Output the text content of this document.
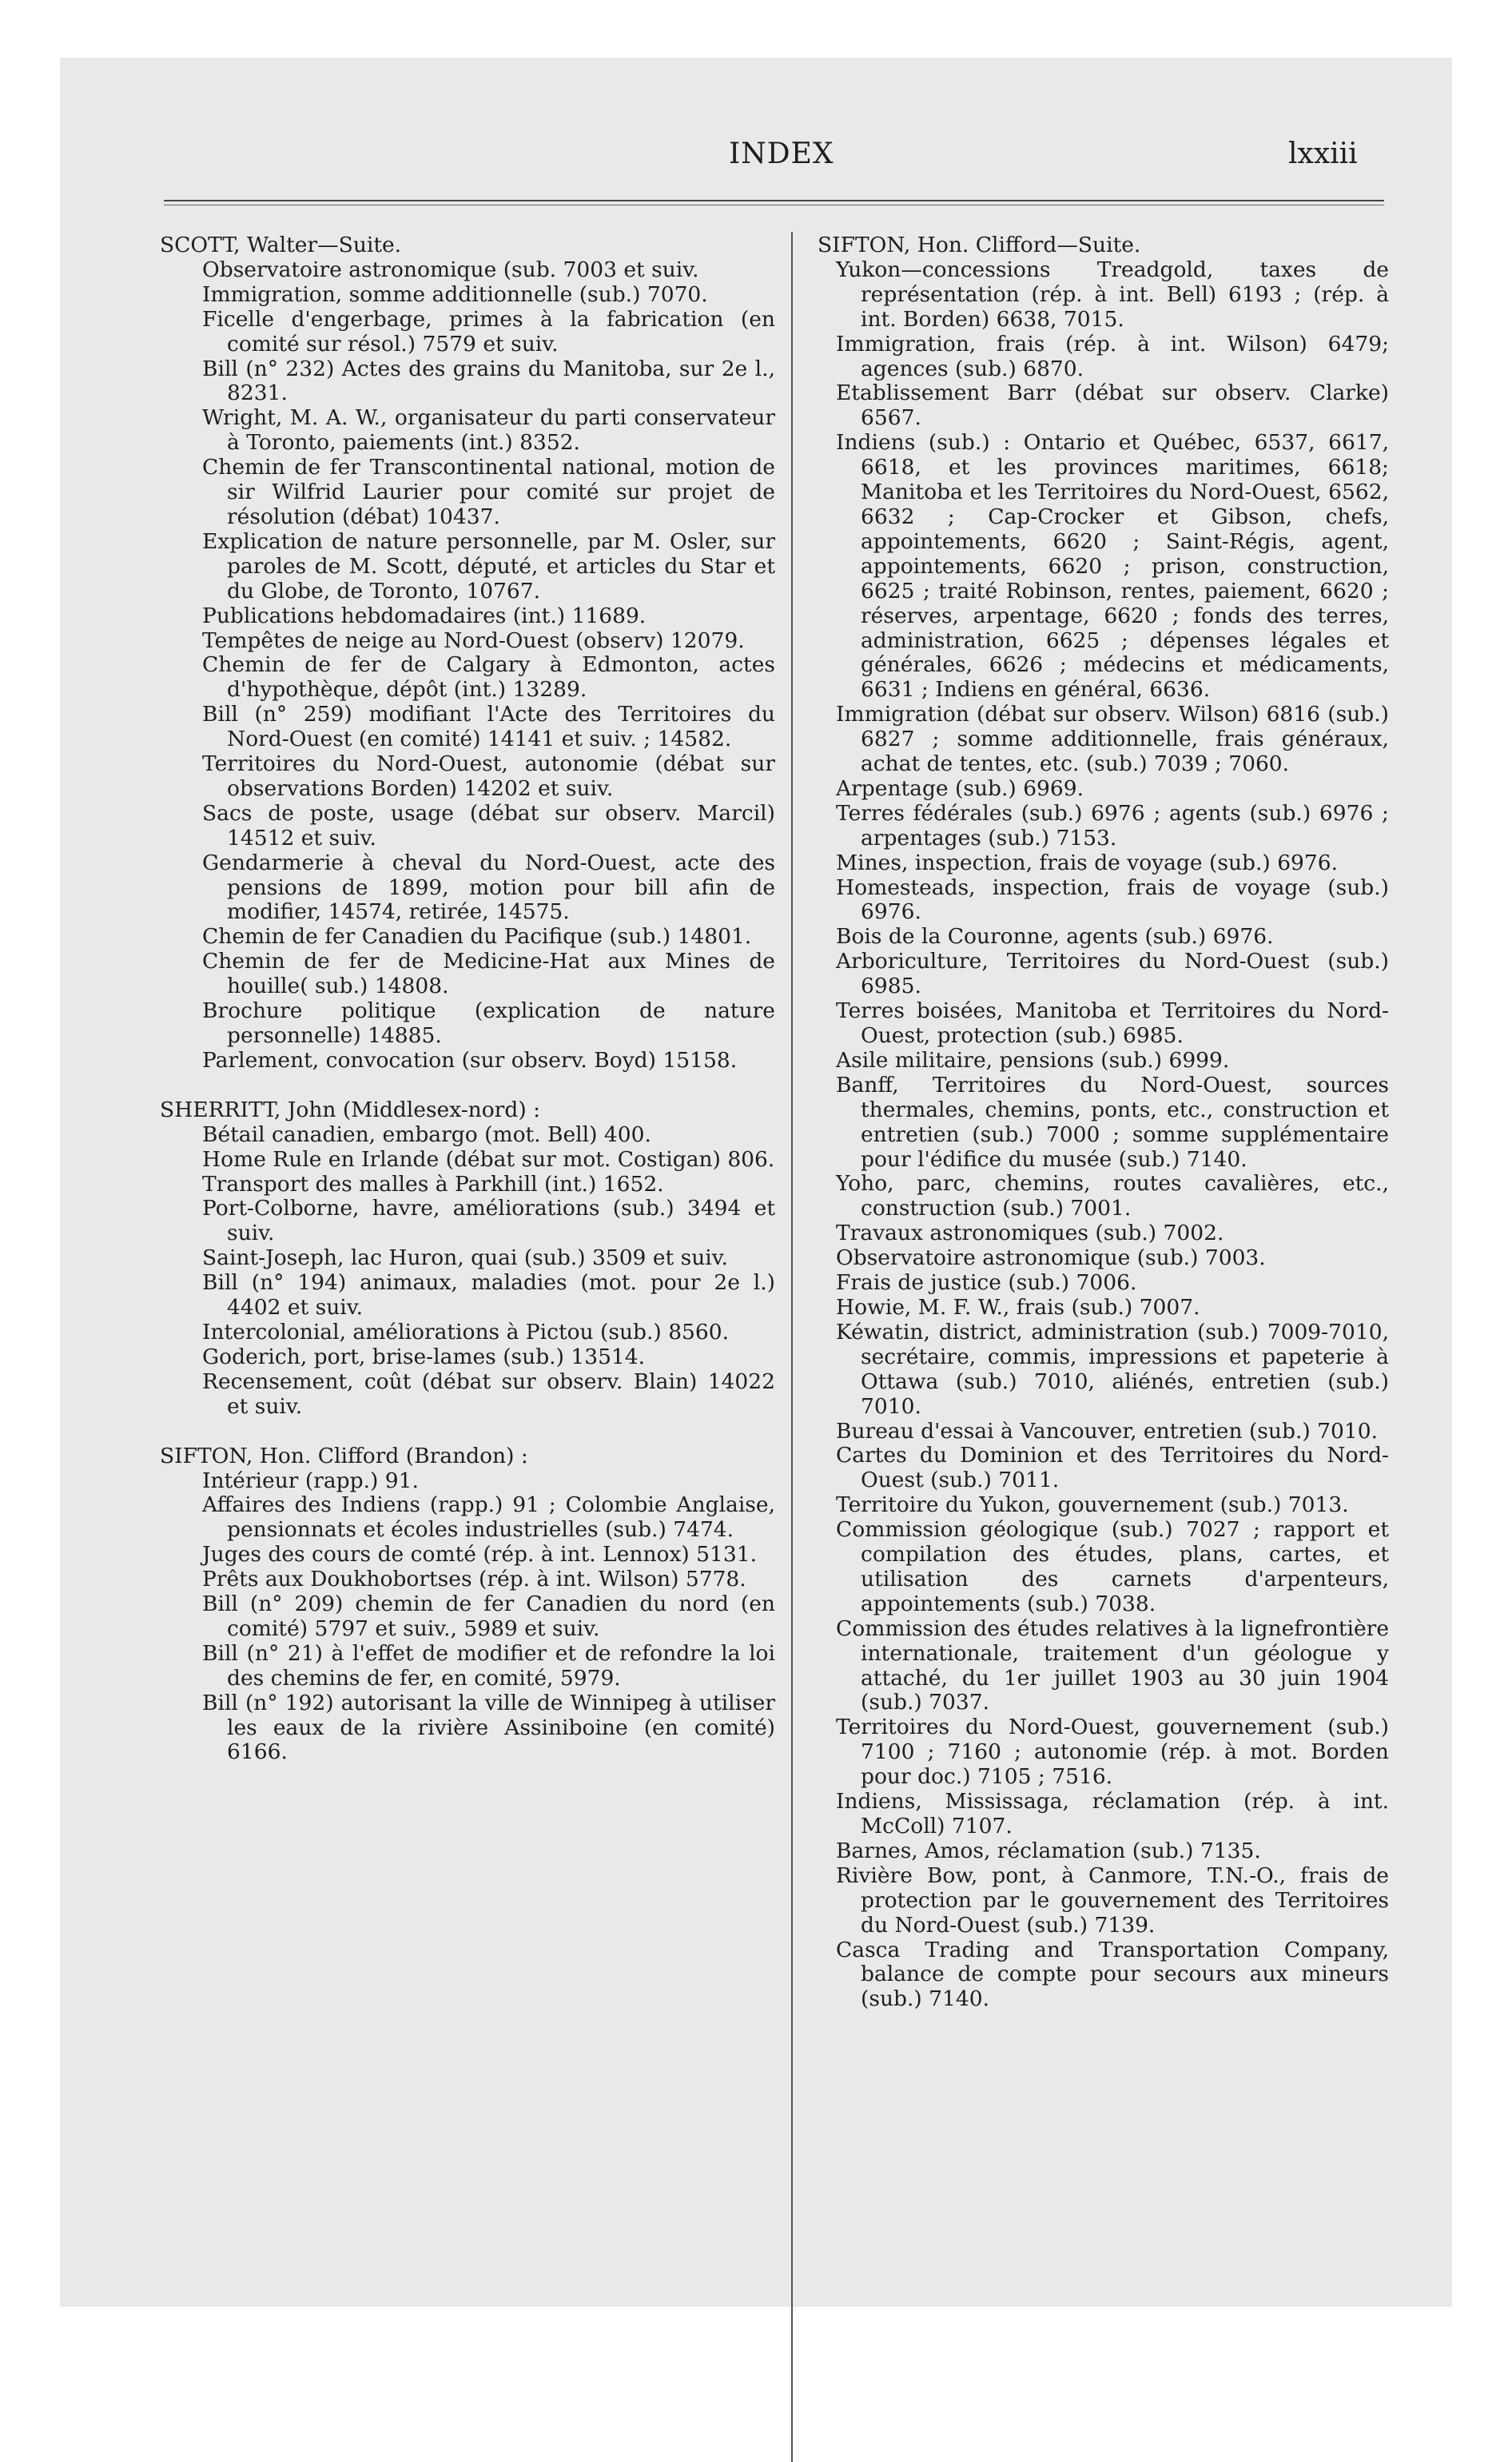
INDEX	lxxiii

SCOTT, Walter—Suite.

Observatoire astronomique (sub. 7003 et suiv.

Immigration, somme additionnelle (sub.) 7070.

Ficelle d'engerbage, primes à la fabrication (en comité sur résol.) 7579 et suiv.

Bill (n° 232) Actes des grains du Manitoba, sur 2e l., 8231.

Wright, M. A. W., organisateur du parti conservateur à Toronto, paiements (int.) 8352.

Chemin de fer Transcontinental national, motion de sir Wilfrid Laurier pour comité sur projet de résolution (débat) 10437.

Explication de nature personnelle, par M. Osler, sur paroles de M. Scott, député, et articles du Star et du Globe, de Toronto, 10767.

Publications hebdomadaires (int.) 11689.

Tempêtes de neige au Nord-Ouest (observ) 12079.

Chemin de fer de Calgary à Edmonton, actes d'hypothèque, dépôt (int.) 13289.

Bill (n° 259) modifiant l'Acte des Territoires du Nord-Ouest (en comité) 14141 et suiv. ; 14582.

Territoires du Nord-Ouest, autonomie (débat sur observations Borden) 14202 et suiv.

Sacs de poste, usage (débat sur observ. Marcil) 14512 et suiv.

Gendarmerie à cheval du Nord-Ouest, acte des pensions de 1899, motion pour bill afin de modifier, 14574, retirée, 14575.

Chemin de fer Canadien du Pacifique (sub.) 14801.

Chemin de fer de Medicine-Hat aux Mines de houille( sub.) 14808.

Brochure politique (explication de nature personnelle) 14885.

Parlement, convocation (sur observ. Boyd) 15158.

SHERRITT, John (Middlesex-nord) :

Bétail canadien, embargo (mot. Bell) 400.

Home Rule en Irlande (débat sur mot. Costigan) 806.

Transport des malles à Parkhill (int.) 1652.

Port-Colborne, havre, améliorations (sub.) 3494 et suiv.

Saint-Joseph, lac Huron, quai (sub.) 3509 et suiv.

Bill (n° 194) animaux, maladies (mot. pour 2e l.) 4402 et suiv.

Intercolonial, améliorations à Pictou (sub.) 8560.

Goderich, port, brise-lames (sub.) 13514.

Recensement, coût (débat sur observ. Blain) 14022 et suiv.

SIFTON, Hon. Clifford (Brandon) :

Intérieur (rapp.) 91.

Affaires des Indiens (rapp.) 91 ; Colombie Anglaise, pensionnats et écoles industrielles (sub.) 7474.

Juges des cours de comté (rép. à int. Lennox) 5131.

Prêts aux Doukhobortses (rép. à int. Wilson) 5778.

Bill (n° 209) chemin de fer Canadien du nord (en comité) 5797 et suiv., 5989 et suiv.

Bill (n° 21) à l'effet de modifier et de refondre la loi des chemins de fer, en comité, 5979.

Bill (n° 192) autorisant la ville de Winnipeg à utiliser les eaux de la rivière Assiniboine (en comité) 6166.

SIFTON, Hon. Clifford—Suite.

Yukon—concessions Treadgold, taxes de représentation (rép. à int. Bell) 6193 ; (rép. à int. Borden) 6638, 7015.

Immigration, frais (rép. à int. Wilson) 6479; agences (sub.) 6870.

Etablissement Barr (débat sur observ. Clarke) 6567.

Indiens (sub.) : Ontario et Québec, 6537, 6617, 6618, et les provinces maritimes, 6618; Manitoba et les Territoires du Nord-Ouest, 6562, 6632 ; Cap-Crocker et Gibson, chefs, appointements, 6620 ; Saint-Régis, agent, appointements, 6620 ; prison, construction, 6625 ; traité Robinson, rentes, paiement, 6620 ; réserves, arpentage, 6620 ; fonds des terres, administration, 6625 ; dépenses légales et générales, 6626 ; médecins et médicaments, 6631 ; Indiens en général, 6636.

Immigration (débat sur observ. Wilson) 6816 (sub.) 6827 ; somme additionnelle, frais généraux, achat de tentes, etc. (sub.) 7039 ; 7060.

Arpentage (sub.) 6969.

Terres fédérales (sub.) 6976 ; agents (sub.) 6976 ; arpentages (sub.) 7153.

Mines, inspection, frais de voyage (sub.) 6976.

Homesteads, inspection, frais de voyage (sub.) 6976.

Bois de la Couronne, agents (sub.) 6976.

Arboriculture, Territoires du Nord-Ouest (sub.) 6985.

Terres boisées, Manitoba et Territoires du Nord-Ouest, protection (sub.) 6985.

Asile militaire, pensions (sub.) 6999.

Banff, Territoires du Nord-Ouest, sources thermales, chemins, ponts, etc., construction et entretien (sub.) 7000 ; somme supplémentaire pour l'édifice du musée (sub.) 7140.

Yoho, parc, chemins, routes cavalières, etc., construction (sub.) 7001.

Travaux astronomiques (sub.) 7002.

Observatoire astronomique (sub.) 7003.

Frais de justice (sub.) 7006.

Howie, M. F. W., frais (sub.) 7007.

Kéwatin, district, administration (sub.) 7009-7010, secrétaire, commis, impressions et papeterie à Ottawa (sub.) 7010, aliénés, entretien (sub.) 7010.

Bureau d'essai à Vancouver, entretien (sub.) 7010.

Cartes du Dominion et des Territoires du Nord-Ouest (sub.) 7011.

Territoire du Yukon, gouvernement (sub.) 7013.

Commission géologique (sub.) 7027 ; rapport et compilation des études, plans, cartes, et utilisation des carnets d'arpenteurs, appointements (sub.) 7038.

Commission des études relatives à la lignefrontière internationale, traitement d'un géologue y attaché, du 1er juillet 1903 au 30 juin 1904 (sub.) 7037.

Territoires du Nord-Ouest, gouvernement (sub.) 7100 ; 7160 ; autonomie (rép. à mot. Borden pour doc.) 7105 ; 7516.

Indiens, Mississaga, réclamation (rép. à int. McColl) 7107.

Barnes, Amos, réclamation (sub.) 7135.

Rivière Bow, pont, à Canmore, T.N.-O., frais de protection par le gouvernement des Territoires du Nord-Ouest (sub.) 7139.

Casca Trading and Transportation Company, balance de compte pour secours aux mineurs (sub.) 7140.
